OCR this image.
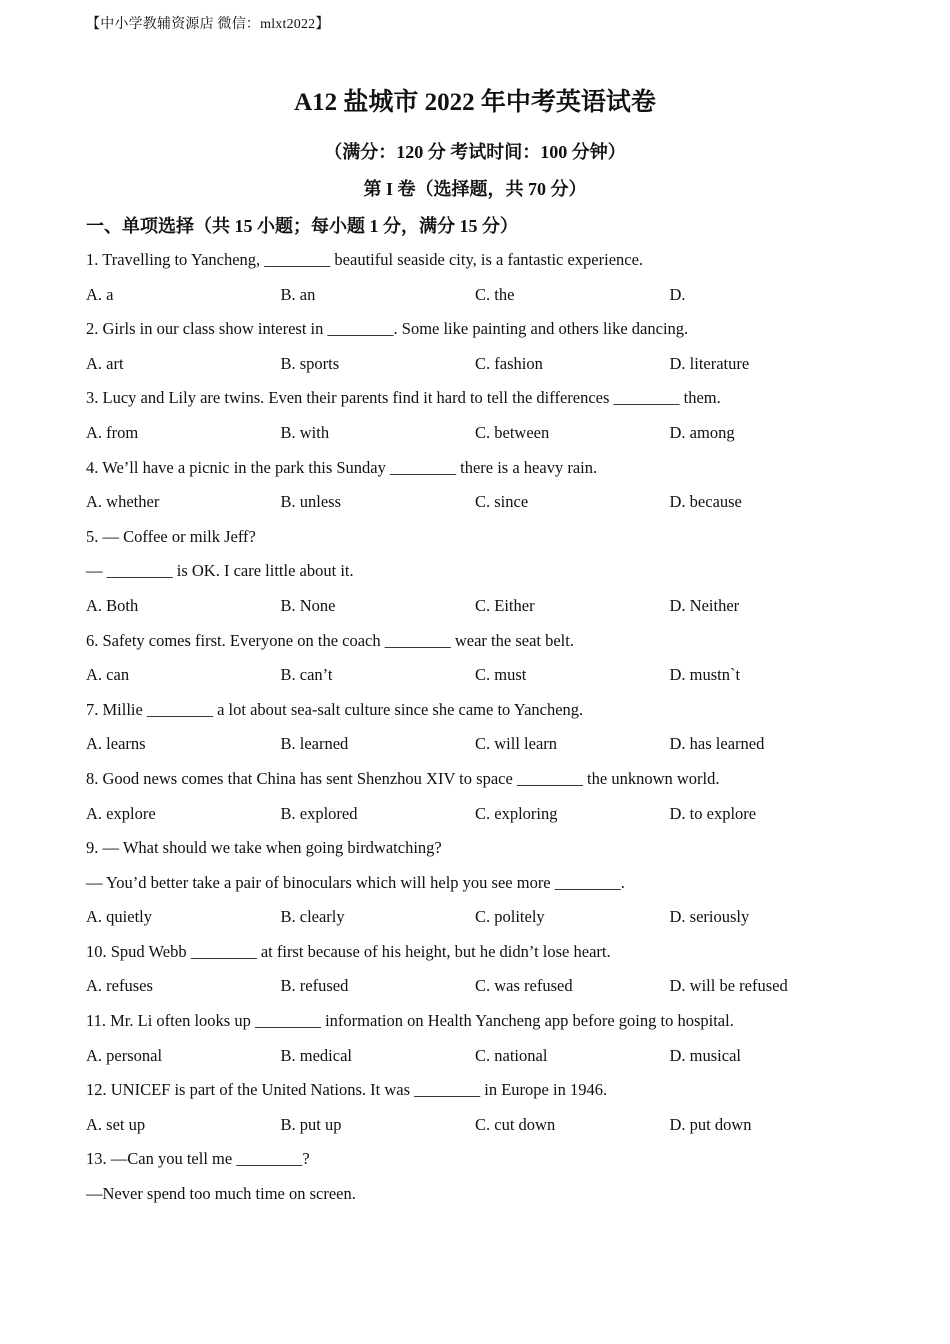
【中小学教辅资源店 微信：mlxt2022】
A12 盐城市 2022 年中考英语试卷
（满分：120 分 考试时间：100 分钟）
第 I 卷（选择题，共 70 分）
一、单项选择（共 15 小题；每小题 1 分，满分 15 分）
1. Travelling to Yancheng, ________ beautiful seaside city, is a fantastic experience.
A. a	B. an	C. the	D.
2. Girls in our class show interest in ________. Some like painting and others like dancing.
A. art	B. sports	C. fashion	D. literature
3. Lucy and Lily are twins. Even their parents find it hard to tell the differences ________ them.
A. from	B. with	C. between	D. among
4. We’ll have a picnic in the park this Sunday ________ there is a heavy rain.
A. whether	B. unless	C. since	D. because
5. — Coffee or milk Jeff?
— ________ is OK. I care little about it.
A. Both	B. None	C. Either	D. Neither
6. Safety comes first. Everyone on the coach ________ wear the seat belt.
A. can	B. can’t	C. must	D. mustn`t
7. Millie ________ a lot about sea-salt culture since she came to Yancheng.
A. learns	B. learned	C. will learn	D. has learned
8. Good news comes that China has sent Shenzhou XIV to space ________ the unknown world.
A. explore	B. explored	C. exploring	D. to explore
9. — What should we take when going birdwatching?
— You’d better take a pair of binoculars which will help you see more ________.
A. quietly	B. clearly	C. politely	D. seriously
10. Spud Webb ________ at first because of his height, but he didn’t lose heart.
A. refuses	B. refused	C. was refused	D. will be refused
11. Mr. Li often looks up ________ information on Health Yancheng app before going to hospital.
A. personal	B. medical	C. national	D. musical
12. UNICEF is part of the United Nations. It was ________ in Europe in 1946.
A. set up	B. put up	C. cut down	D. put down
13. —Can you tell me ________?
—Never spend too much time on screen.
